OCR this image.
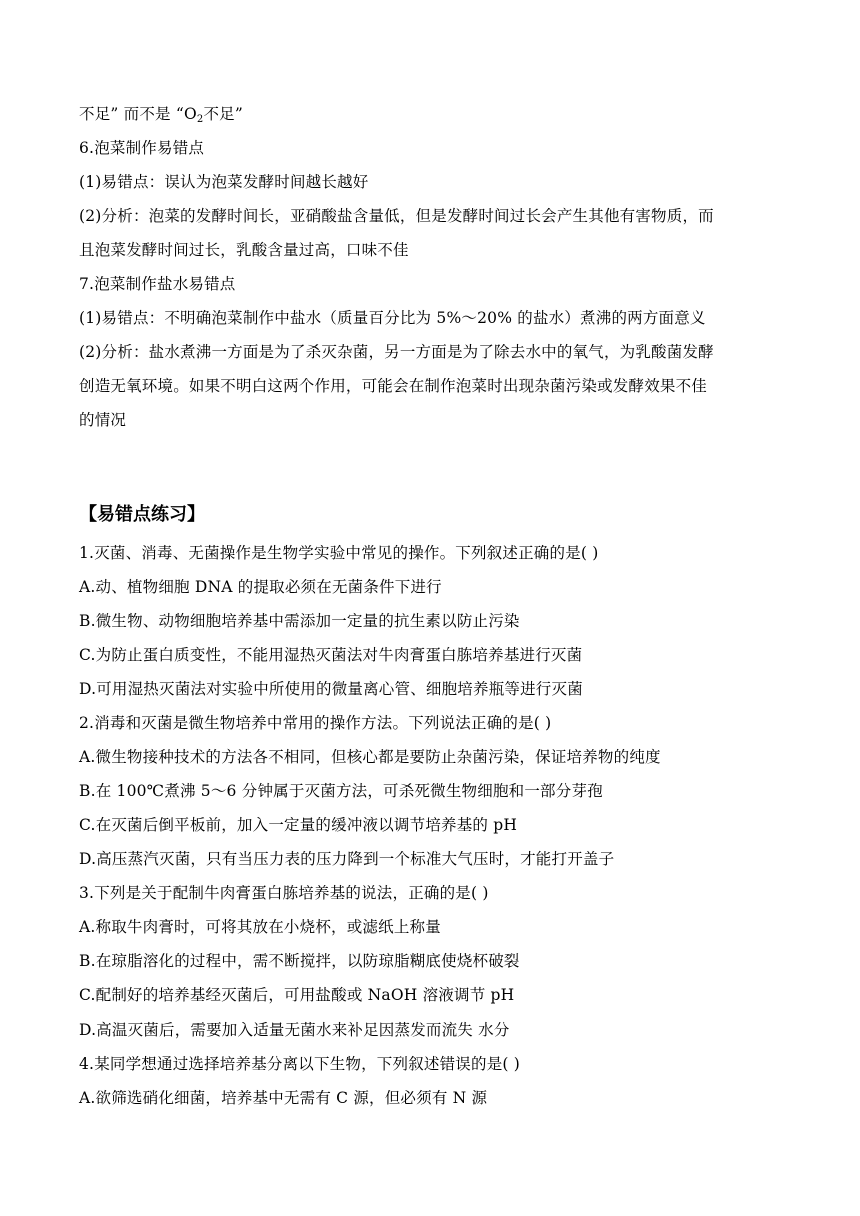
不足” 而不是 “$O_2$不足”
6.泡菜制作易错点
(1)易错点：误认为泡菜发酵时间越长越好
(2)分析：泡菜的发酵时间长，亚硝酸盐含量低，但是发酵时间过长会产生其他有害物质，而
且泡菜发酵时间过长，乳酸含量过高，口味不佳
7.泡菜制作盐水易错点
(1)易错点：不明确泡菜制作中盐水（质量百分比为 5%～20% 的盐水）煮沸的两方面意义
(2)分析：盐水煮沸一方面是为了杀灭杂菌，另一方面是为了除去水中的氧气，为乳酸菌发酵
创造无氧环境。如果不明白这两个作用，可能会在制作泡菜时出现杂菌污染或发酵效果不佳
的情况
【易错点练习】
1.灭菌、消毒、无菌操作是生物学实验中常见的操作。下列叙述正确的是( )
A.动、植物细胞 DNA 的提取必须在无菌条件下进行
B.微生物、动物细胞培养基中需添加一定量的抗生素以防止污染
C.为防止蛋白质变性，不能用湿热灭菌法对牛肉膏蛋白胨培养基进行灭菌
D.可用湿热灭菌法对实验中所使用的微量离心管、细胞培养瓶等进行灭菌
2.消毒和灭菌是微生物培养中常用的操作方法。下列说法正确的是( )
A.微生物接种技术的方法各不相同，但核心都是要防止杂菌污染，保证培养物的纯度
B.在 100℃煮沸 5～6 分钟属于灭菌方法，可杀死微生物细胞和一部分芽孢
C.在灭菌后倒平板前，加入一定量的缓冲液以调节培养基的 pH
D.高压蒸汽灭菌，只有当压力表的压力降到一个标准大气压时，才能打开盖子
3.下列是关于配制牛肉膏蛋白胨培养基的说法，正确的是( )
A.称取牛肉膏时，可将其放在小烧杯，或滤纸上称量
B.在琼脂溶化的过程中，需不断搅拌，以防琼脂糊底使烧杯破裂
C.配制好的培养基经灭菌后，可用盐酸或 NaOH 溶液调节 pH
D.高温灭菌后，需要加入适量无菌水来补足因蒸发而流失 水分
4.某同学想通过选择培养基分离以下生物，下列叙述错误的是( )
A.欲筛选硝化细菌，培养基中无需有 C 源，但必须有 N 源
